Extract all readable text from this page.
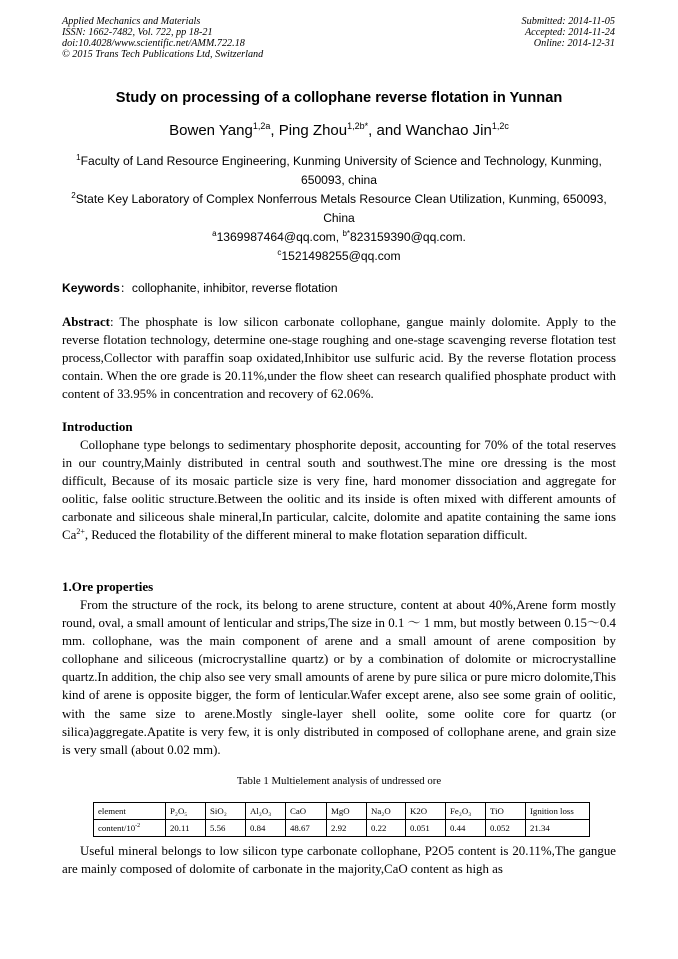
Applied Mechanics and Materials
ISSN: 1662-7482, Vol. 722, pp 18-21
doi:10.4028/www.scientific.net/AMM.722.18
© 2015 Trans Tech Publications Ltd, Switzerland
Submitted: 2014-11-05
Accepted: 2014-11-24
Online: 2014-12-31
Study on processing of a collophane reverse flotation in Yunnan
Bowen Yang$^{1,2a}$, Ping Zhou$^{1,2b*}$, and Wanchao Jin$^{1,2c}$
$^1$Faculty of Land Resource Engineering, Kunming University of Science and Technology, Kunming, 650093, china
$^2$State Key Laboratory of Complex Nonferrous Metals Resource Clean Utilization, Kunming, 650093, China
$^a$1369987464@qq.com, $^{b*}$823159390@qq.com.
$^c$1521498255@qq.com
Keywords：collophanite, inhibitor, reverse flotation
Abstract: The phosphate is low silicon carbonate collophane, gangue mainly dolomite. Apply to the reverse flotation technology, determine one-stage roughing and one-stage scavenging reverse flotation test process,Collector with paraffin soap oxidated,Inhibitor use sulfuric acid. By the reverse flotation process contain. When the ore grade is 20.11%,under the flow sheet can research qualified phosphate product with content of 33.95% in concentration and recovery of 62.06%.
Introduction
Collophane type belongs to sedimentary phosphorite deposit, accounting for 70% of the total reserves in our country,Mainly distributed in central south and southwest.The mine ore dressing is the most difficult, Because of its mosaic particle size is very fine, hard monomer dissociation and aggregate for oolitic, false oolitic structure.Between the oolitic and its inside is often mixed with different amounts of carbonate and siliceous shale mineral,In particular, calcite, dolomite and apatite containing the same ions $Ca^{2+}$, Reduced the flotability of the different mineral to make flotation separation difficult.
1.Ore properties
From the structure of the rock, its belong to arene structure, content at about 40%,Arene form mostly round, oval, a small amount of lenticular and strips,The size in 0.1 ～ 1 mm, but mostly between 0.15～0.4 mm. collophane, was the main component of arene and a small amount of arene composition by collophane and siliceous (microcrystalline quartz) or by a combination of dolomite or microcrystalline quartz.In addition, the chip also see very small amounts of arene by pure silica or pure micro dolomite,This kind of arene is opposite bigger, the form of lenticular.Wafer except arene, also see some grain of oolitic, with the same size to arene.Mostly single-layer shell oolite, some oolite core for quartz (or silica)aggregate.Apatite is very few, it is only distributed in composed of collophane arene, and grain size is very small (about 0.02 mm).
Table 1 Multielement analysis of undressed ore
element	P₂O₅	SiO₂	Al₂O₃	CaO	MgO	Na₂O	K2O	Fe₂O₃	TiO	Ignition loss
content/$10^{-2}$	20.11	5.56	0.84	48.67	2.92	0.22	0.051	0.44	0.052	21.34
Useful mineral belongs to low silicon type carbonate collophane, P2O5 content is 20.11%,The gangue are mainly composed of dolomite of carbonate in the majority,CaO content as high as
